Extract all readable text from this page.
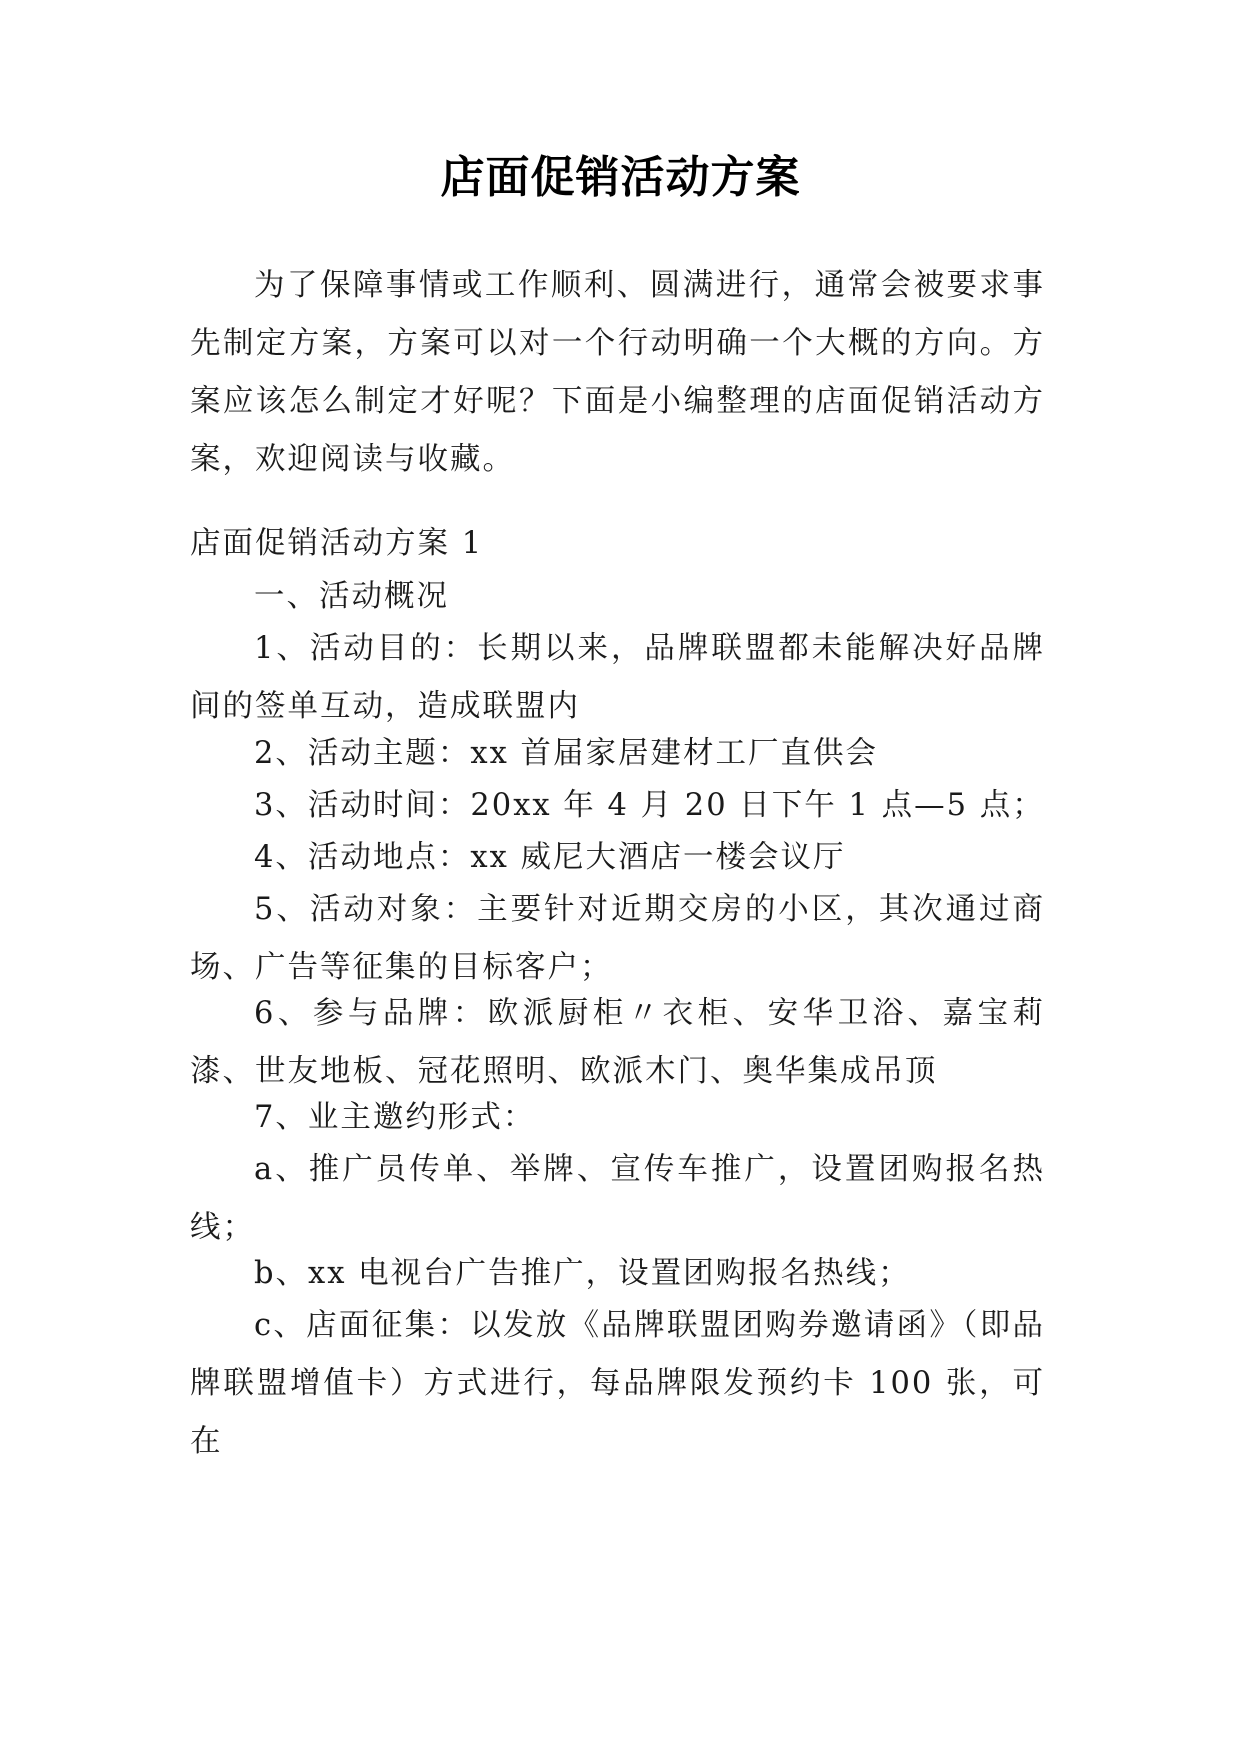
店面促销活动方案

为了保障事情或工作顺利、圆满进行，通常会被要求事先制定方案，方案可以对一个行动明确一个大概的方向。方案应该怎么制定才好呢？下面是小编整理的店面促销活动方案，欢迎阅读与收藏。

店面促销活动方案 1

一、活动概况

1、活动目的：长期以来，品牌联盟都未能解决好品牌间的签单互动，造成联盟内

2、活动主题：xx 首届家居建材工厂直供会

3、活动时间：20xx 年 4 月 20 日下午 1 点—5 点；

4、活动地点：xx 威尼大酒店一楼会议厅

5、活动对象：主要针对近期交房的小区，其次通过商场、广告等征集的目标客户；

6、参与品牌：欧派厨柜〃衣柜、安华卫浴、嘉宝莉漆、世友地板、冠花照明、欧派木门、奥华集成吊顶

7、业主邀约形式：

a、推广员传单、举牌、宣传车推广，设置团购报名热线；

b、xx 电视台广告推广，设置团购报名热线；

c、店面征集：以发放《品牌联盟团购券邀请函》（即品牌联盟增值卡）方式进行，每品牌限发预约卡 100 张，可在
